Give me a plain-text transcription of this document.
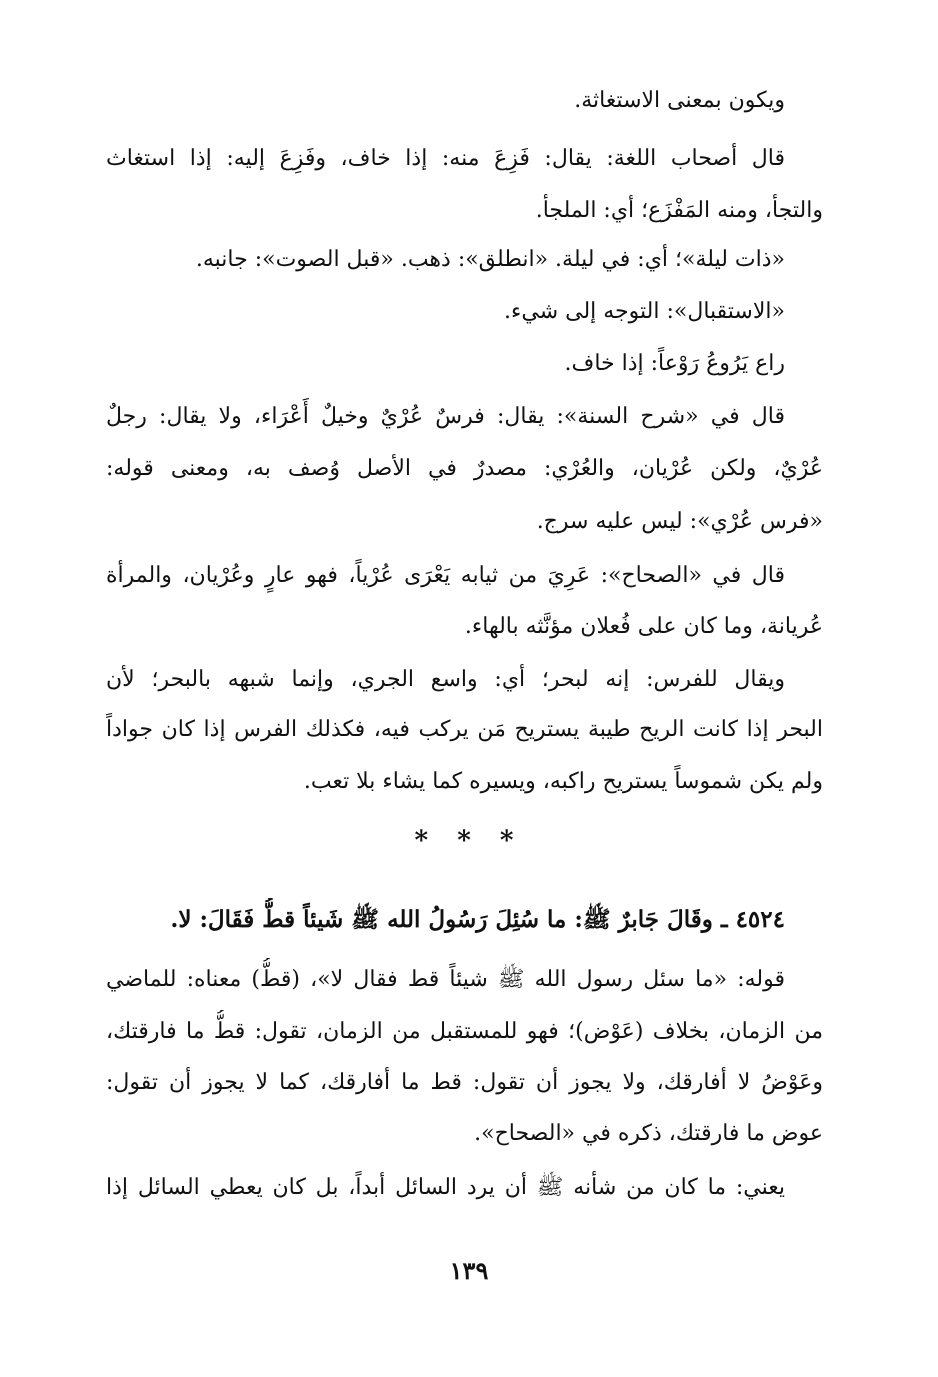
ويكون بمعنى الاستغاثة.
قال أصحاب اللغة: يقال: فَزِعَ منه: إذا خاف، وفَزِعَ إليه: إذا استغاث
والتجأ، ومنه المَفْزَع؛ أي: الملجأ.
«ذات ليلة»؛ أي: في ليلة. «انطلق»: ذهب. «قبل الصوت»: جانبه.
«الاستقبال»: التوجه إلى شيء.
راع يَرُوعُ رَوْعاً: إذا خاف.
قال في «شرح السنة»: يقال: فرسٌ عُرْيٌ وخيلٌ أَعْرَاء، ولا يقال: رجلٌ
عُرْيٌ، ولكن عُرْيان، والعُرْي: مصدرٌ في الأصل وُصف به، ومعنى قوله:
«فرس عُرْي»: ليس عليه سرج.
قال في «الصحاح»: عَرِيَ من ثيابه يَعْرَى عُرْياً، فهو عارٍ وعُرْيان، والمرأة
عُريانة، وما كان على فُعلان مؤنَّثه بالهاء.
ويقال للفرس: إنه لبحر؛ أي: واسع الجري، وإنما شبهه بالبحر؛ لأن
البحر إذا كانت الريح طيبة يستريح مَن يركب فيه، فكذلك الفرس إذا كان جواداً
ولم يكن شموساً يستريح راكبه، ويسيره كما يشاء بلا تعب.
* * *
٤٥٢٤ ـ وقَالَ جَابرٌ ﷺ: ما سُئِلَ رَسُولُ الله ﷺ شَيئاً قطُّ فَقَالَ: لا.
قوله: «ما سئل رسول الله ﷺ شيئاً قط فقال لا»، (قطُّ) معناه: للماضي
من الزمان، بخلاف (عَوْض)؛ فهو للمستقبل من الزمان، تقول: قطُّ ما فارقتك،
وعَوْضُ لا أفارقك، ولا يجوز أن تقول: قط ما أفارقك، كما لا يجوز أن تقول:
عوض ما فارقتك، ذكره في «الصحاح».
يعني: ما كان من شأنه ﷺ أن يرد السائل أبداً، بل كان يعطي السائل إذا
١٣٩
